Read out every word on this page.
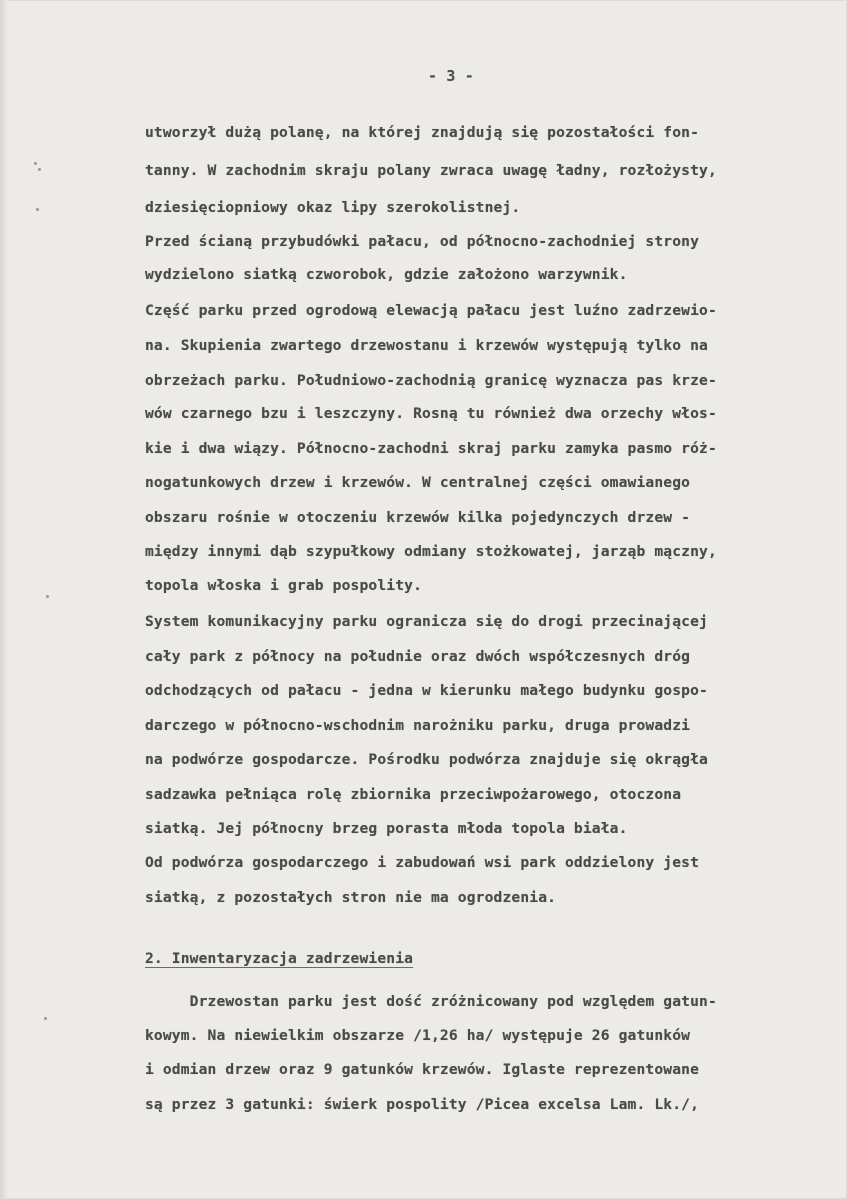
- 3 -
utworzył dużą polanę, na której znajdują się pozostałości fon-
tanny. W zachodnim skraju polany zwraca uwagę ładny, rozłożysty,
dziesięciopniowy okaz lipy szerokolistnej.
Przed ścianą przybudówki pałacu, od północno-zachodniej strony
wydzielono siatką czworobok, gdzie założono warzywnik.
Część parku przed ogrodową elewacją pałacu jest luźno zadrzewio-
na. Skupienia zwartego drzewostanu i krzewów występują tylko na
obrzeżach parku. Południowo-zachodnią granicę wyznacza pas krze-
wów czarnego bzu i leszczyny. Rosną tu również dwa orzechy włos-
kie i dwa wiązy. Północno-zachodni skraj parku zamyka pasmo róż-
nogatunkowych drzew i krzewów. W centralnej części omawianego
obszaru rośnie w otoczeniu krzewów kilka pojedynczych drzew -
między innymi dąb szypułkowy odmiany stożkowatej, jarząb mączny,
topola włoska i grab pospolity.
System komunikacyjny parku ogranicza się do drogi przecinającej
cały park z północy na południe oraz dwóch współczesnych dróg
odchodzących od pałacu - jedna w kierunku małego budynku gospo-
darczego w północno-wschodnim narożniku parku, druga prowadzi
na podwórze gospodarcze. Pośrodku podwórza znajduje się okrągła
sadzawka pełniąca rolę zbiornika przeciwpożarowego, otoczona
siatką. Jej północny brzeg porasta młoda topola biała.
Od podwórza gospodarczego i zabudowań wsi park oddzielony jest
siatką, z pozostałych stron nie ma ogrodzenia.
2. Inwentaryzacja zadrzewienia
Drzewostan parku jest dość zróżnicowany pod względem gatun-
kowym. Na niewielkim obszarze /1,26 ha/ występuje 26 gatunków
i odmian drzew oraz 9 gatunków krzewów. Iglaste reprezentowane
są przez 3 gatunki: świerk pospolity /Picea excelsa Lam. Lk./,
